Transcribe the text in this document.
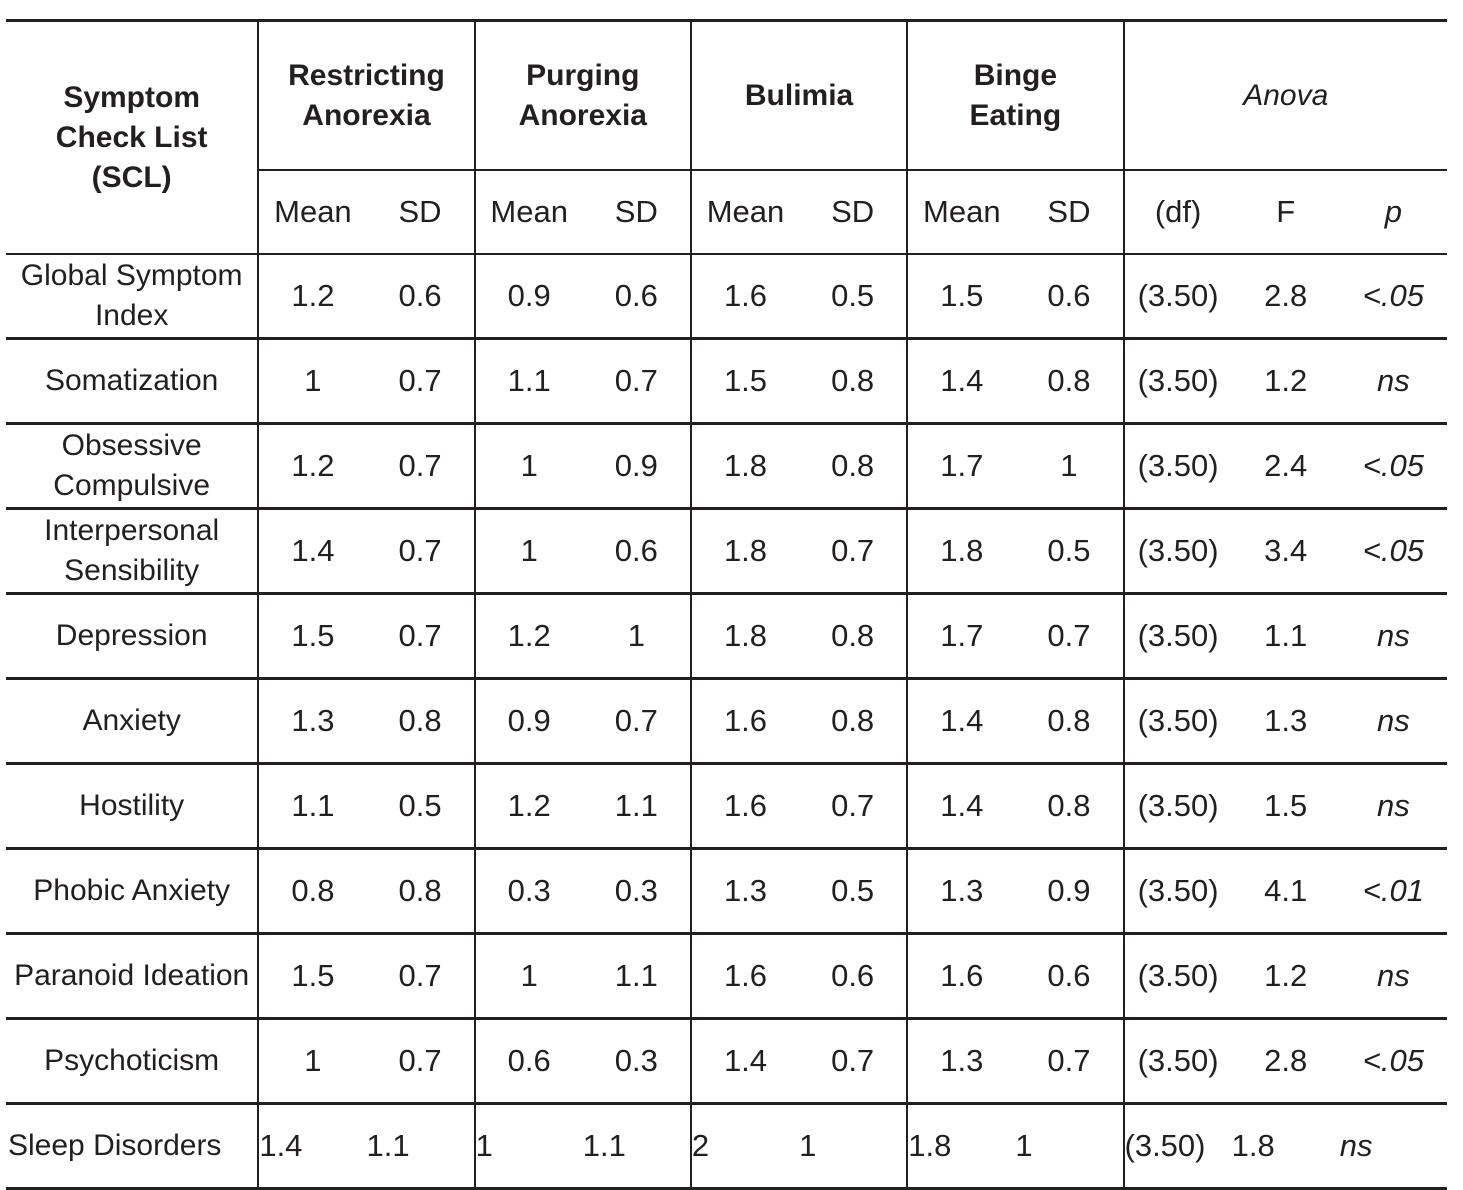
Symptom Check List (SCL)	Restricting Anorexia		Purging Anorexia		Bulimia		Binge Eating		Anova		
	Mean	SD	Mean	SD	Mean	SD	Mean	SD	(df)	F	p
Global Symptom Index	1.2	0.6	0.9	0.6	1.6	0.5	1.5	0.6	(3.50)	2.8	<.05
Somatization	1	0.7	1.1	0.7	1.5	0.8	1.4	0.8	(3.50)	1.2	ns
Obsessive Compulsive	1.2	0.7	1	0.9	1.8	0.8	1.7	1	(3.50)	2.4	<.05
Interpersonal Sensibility	1.4	0.7	1	0.6	1.8	0.7	1.8	0.5	(3.50)	3.4	<.05
Depression	1.5	0.7	1.2	1	1.8	0.8	1.7	0.7	(3.50)	1.1	ns
Anxiety	1.3	0.8	0.9	0.7	1.6	0.8	1.4	0.8	(3.50)	1.3	ns
Hostility	1.1	0.5	1.2	1.1	1.6	0.7	1.4	0.8	(3.50)	1.5	ns
Phobic Anxiety	0.8	0.8	0.3	0.3	1.3	0.5	1.3	0.9	(3.50)	4.1	<.01
Paranoid Ideation	1.5	0.7	1	1.1	1.6	0.6	1.6	0.6	(3.50)	1.2	ns
Psychoticism	1	0.7	0.6	0.3	1.4	0.7	1.3	0.7	(3.50)	2.8	<.05
Sleep Disorders	1.4	1.1	1	1.1	2	1	1.8	1	(3.50)	1.8	ns
